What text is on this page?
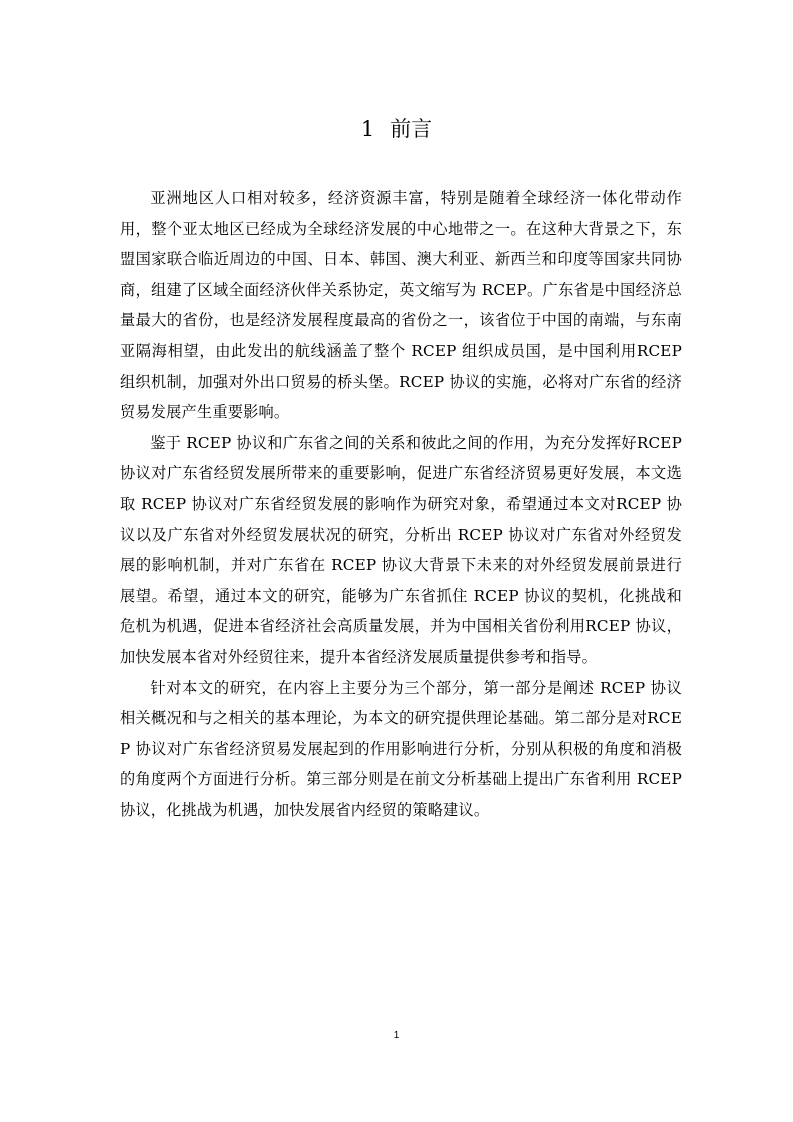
1 前言

亚洲地区人口相对较多，经济资源丰富，特别是随着全球经济一体化带动作用，整个亚太地区已经成为全球经济发展的中心地带之一。在这种大背景之下，东盟国家联合临近周边的中国、日本、韩国、澳大利亚、新西兰和印度等国家共同协商，组建了区域全面经济伙伴关系协定，英文缩写为 RCEP。广东省是中国经济总量最大的省份，也是经济发展程度最高的省份之一，该省位于中国的南端，与东南亚隔海相望，由此发出的航线涵盖了整个 RCEP 组织成员国，是中国利用RCEP 组织机制，加强对外出口贸易的桥头堡。RCEP 协议的实施，必将对广东省的经济贸易发展产生重要影响。

鉴于 RCEP 协议和广东省之间的关系和彼此之间的作用，为充分发挥好RCEP 协议对广东省经贸发展所带来的重要影响，促进广东省经济贸易更好发展，本文选取 RCEP 协议对广东省经贸发展的影响作为研究对象，希望通过本文对RCEP 协议以及广东省对外经贸发展状况的研究，分析出 RCEP 协议对广东省对外经贸发展的影响机制，并对广东省在 RCEP 协议大背景下未来的对外经贸发展前景进行展望。希望，通过本文的研究，能够为广东省抓住 RCEP 协议的契机，化挑战和危机为机遇，促进本省经济社会高质量发展，并为中国相关省份利用RCEP 协议，加快发展本省对外经贸往来，提升本省经济发展质量提供参考和指导。

针对本文的研究，在内容上主要分为三个部分，第一部分是阐述 RCEP 协议相关概况和与之相关的基本理论，为本文的研究提供理论基础。第二部分是对RCEP 协议对广东省经济贸易发展起到的作用影响进行分析，分别从积极的角度和消极的角度两个方面进行分析。第三部分则是在前文分析基础上提出广东省利用 RCEP 协议，化挑战为机遇，加快发展省内经贸的策略建议。

1
